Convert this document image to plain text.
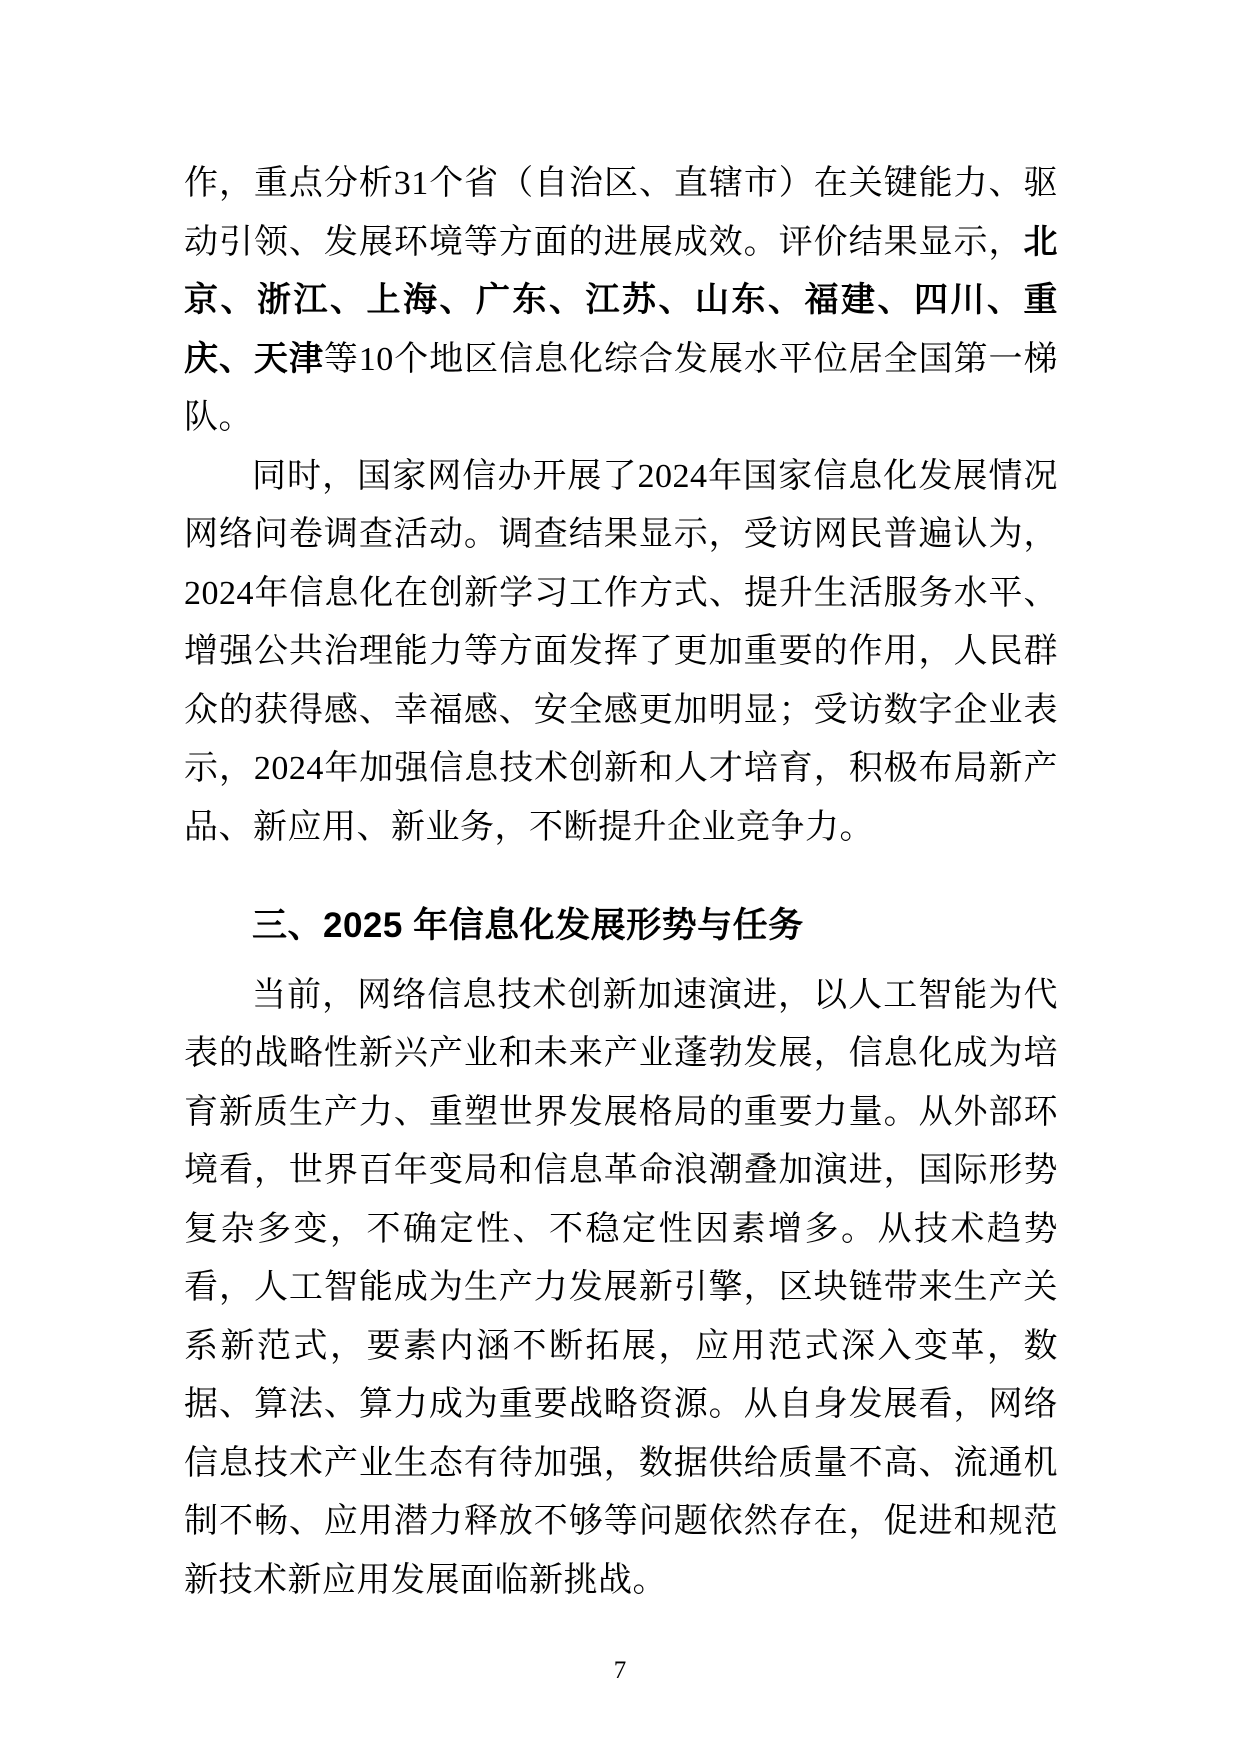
作，重点分析31个省（自治区、直辖市）在关键能力、驱动引领、发展环境等方面的进展成效。评价结果显示，北京、浙江、上海、广东、江苏、山东、福建、四川、重庆、天津等10个地区信息化综合发展水平位居全国第一梯队。

同时，国家网信办开展了2024年国家信息化发展情况网络问卷调查活动。调查结果显示，受访网民普遍认为，2024年信息化在创新学习工作方式、提升生活服务水平、增强公共治理能力等方面发挥了更加重要的作用，人民群众的获得感、幸福感、安全感更加明显；受访数字企业表示，2024年加强信息技术创新和人才培育，积极布局新产品、新应用、新业务，不断提升企业竞争力。

三、2025 年信息化发展形势与任务

当前，网络信息技术创新加速演进，以人工智能为代表的战略性新兴产业和未来产业蓬勃发展，信息化成为培育新质生产力、重塑世界发展格局的重要力量。从外部环境看，世界百年变局和信息革命浪潮叠加演进，国际形势复杂多变，不确定性、不稳定性因素增多。从技术趋势看，人工智能成为生产力发展新引擎，区块链带来生产关系新范式，要素内涵不断拓展，应用范式深入变革，数据、算法、算力成为重要战略资源。从自身发展看，网络信息技术产业生态有待加强，数据供给质量不高、流通机制不畅、应用潜力释放不够等问题依然存在，促进和规范新技术新应用发展面临新挑战。

7
